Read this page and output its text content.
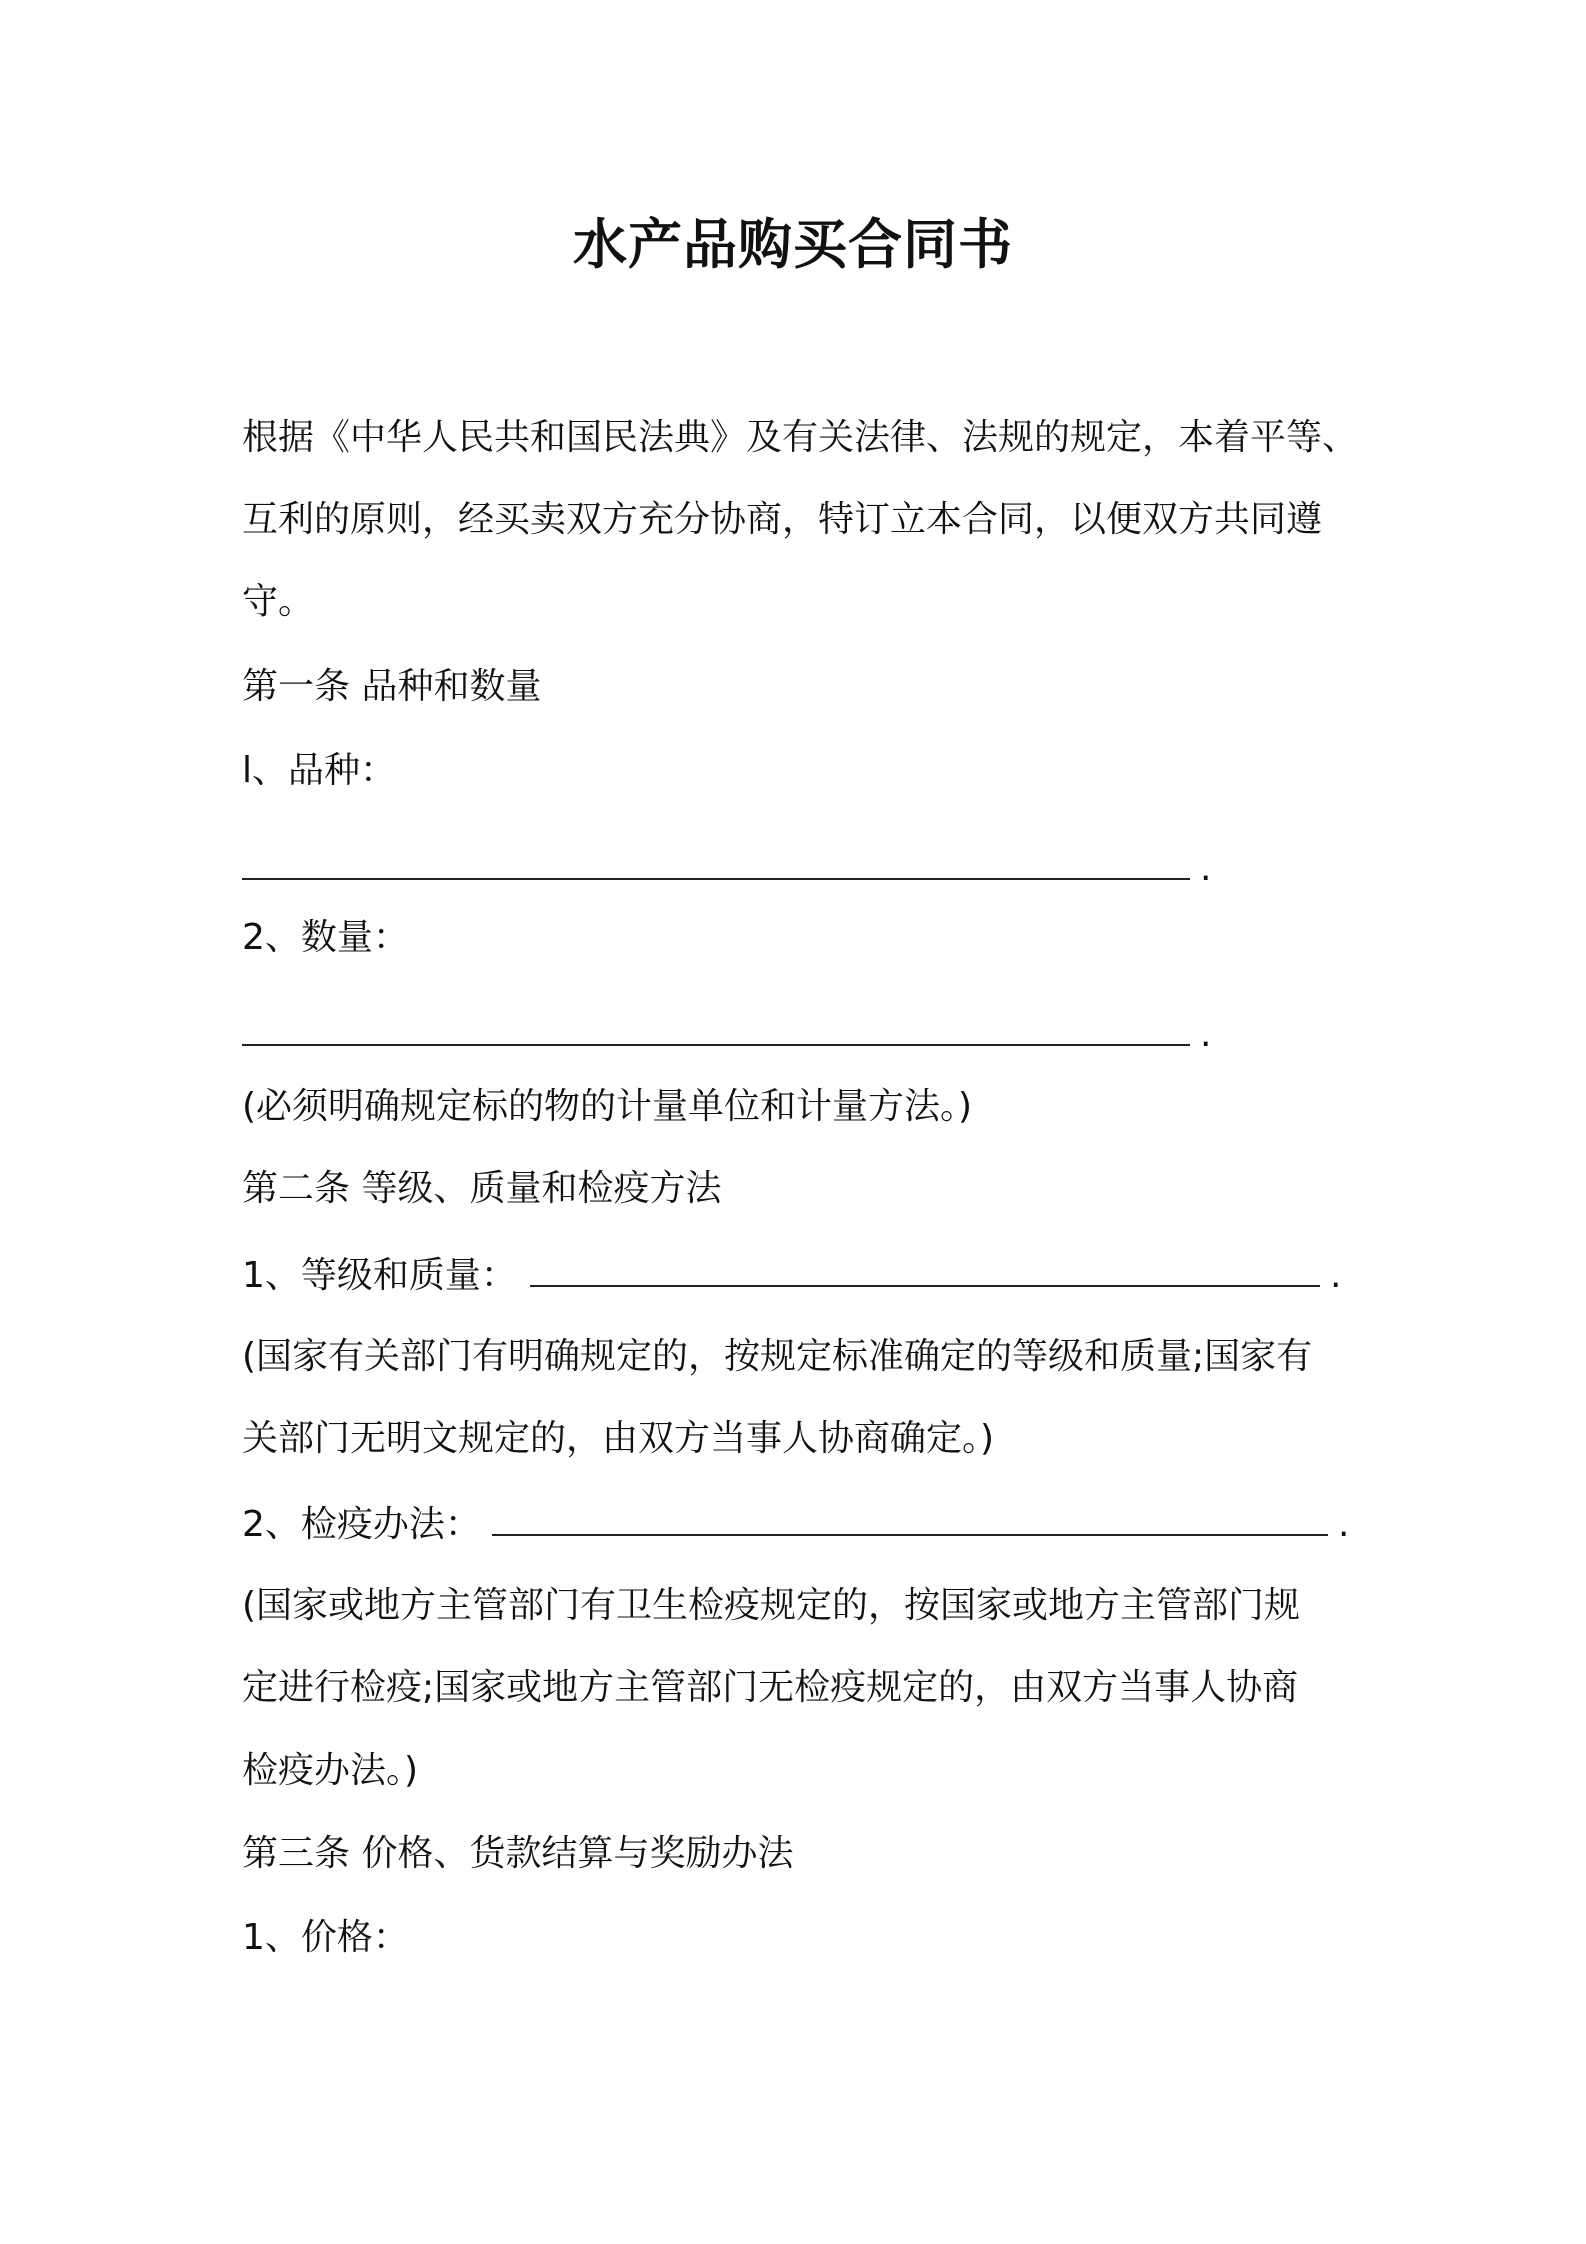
水产品购买合同书

根据《中华人民共和国民法典》及有关法律、法规的规定，本着平等、

互利的原则，经买卖双方充分协商，特订立本合同，以便双方共同遵

守。

第一条 品种和数量

l、品种：

.

2、数量：

.

(必须明确规定标的物的计量单位和计量方法。)

第二条 等级、质量和检疫方法

1、等级和质量：	.

(国家有关部门有明确规定的，按规定标准确定的等级和质量;国家有

关部门无明文规定的，由双方当事人协商确定。)

2、检疫办法：	.

(国家或地方主管部门有卫生检疫规定的，按国家或地方主管部门规

定进行检疫;国家或地方主管部门无检疫规定的，由双方当事人协商

检疫办法。)

第三条 价格、货款结算与奖励办法

1、价格：
